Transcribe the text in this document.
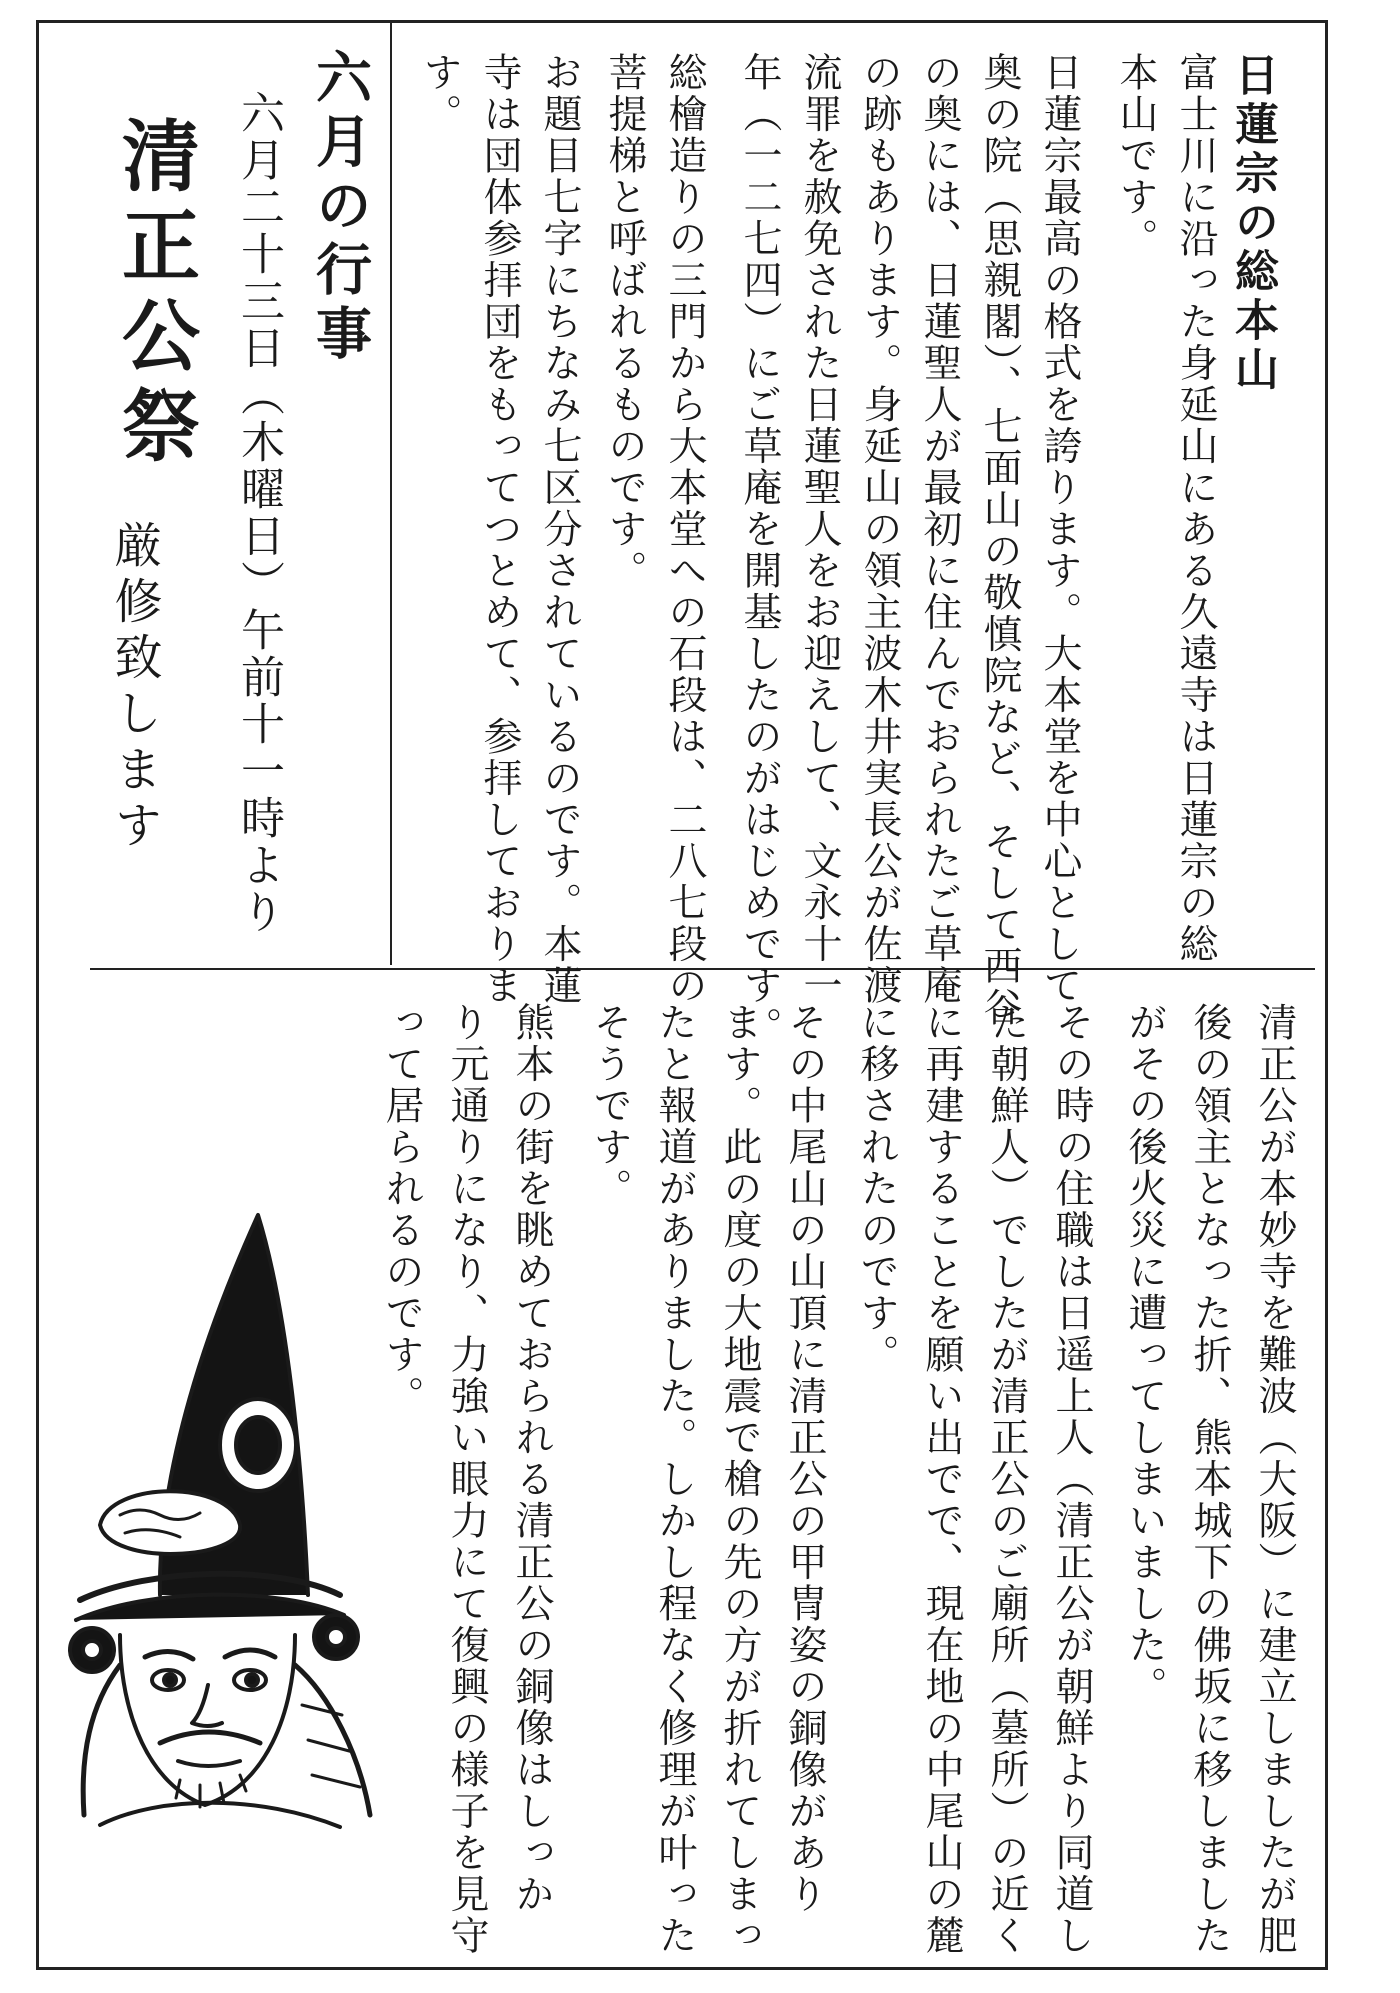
日蓮宗の総本山
富士川に沿った身延山にある久遠寺は日蓮宗の総
本山です。
日蓮宗最高の格式を誇ります。大本堂を中心として
奥の院（思親閣）、七面山の敬慎院など、そして西谷
の奥には、日蓮聖人が最初に住んでおられたご草庵
の跡もあります。身延山の領主波木井実長公が佐渡
流罪を赦免された日蓮聖人をお迎えして、文永十一
年（一二七四）にご草庵を開基したのがはじめです。
総檜造りの三門から大本堂への石段は、二八七段の
菩提梯と呼ばれるものです。
お題目七字にちなみ七区分されているのです。本蓮
寺は団体参拝団をもってつとめて、参拝しておりま
す。
六月の行事
六月二十三日（木曜日）午前十一時より
清正公祭
厳修致します
清正公が本妙寺を難波（大阪）に建立しましたが肥
後の領主となった折、熊本城下の佛坂に移しました
がその後火災に遭ってしまいました。
その時の住職は日遥上人（清正公が朝鮮より同道し
た朝鮮人）でしたが清正公のご廟所（墓所）の近く
に再建することを願い出でで、現在地の中尾山の麓
に移されたのです。
その中尾山の山頂に清正公の甲冑姿の銅像があり
ます。此の度の大地震で槍の先の方が折れてしまっ
たと報道がありました。しかし程なく修理が叶った
そうです。
熊本の街を眺めておられる清正公の銅像はしっか
り元通りになり、力強い眼力にて復興の様子を見守
って居られるのです。
